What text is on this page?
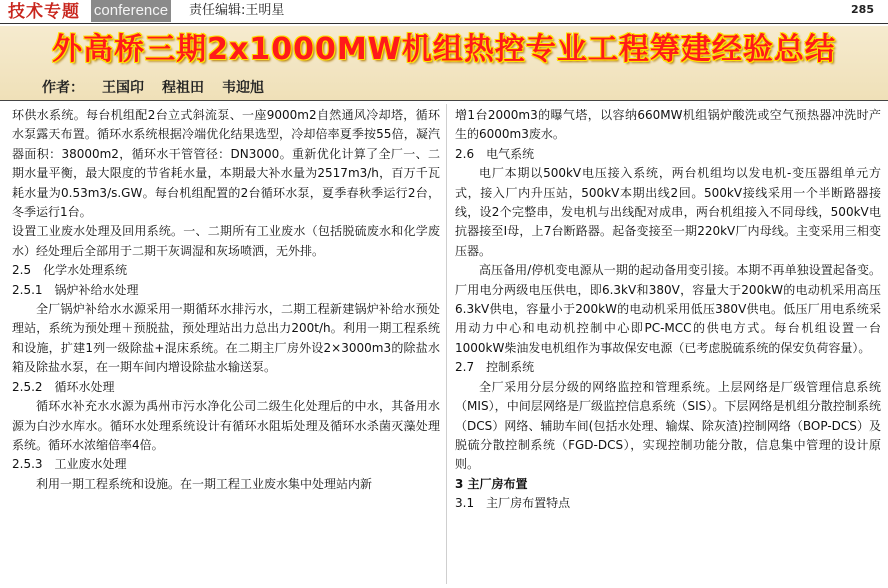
技术专题 conference 责任编辑:王明星	285
外高桥三期2x1000MW机组热控专业工程筹建经验总结
作者： 王国印 程祖田 韦迎旭

环供水系统。每台机组配2台立式斜流泵、一座9000m2自然通风冷却塔，循环水泵露天布置。循环水系统根据冷端优化结果选型，冷却倍率夏季按55倍，凝汽器面积：38000m2，循环水干管管径：DN3000。重新优化计算了全厂一、二期水量平衡，最大限度的节省耗水量，本期最大补水量为2517m3/h，百万千瓦耗水量为0.53m3/s.GW。每台机组配置的2台循环水泵，夏季春秋季运行2台，冬季运行1台。

设置工业废水处理及回用系统。一、二期所有工业废水（包括脱硫废水和化学废水）经处理后全部用于二期干灰调湿和灰场喷洒，无外排。

2.5　化学水处理系统

2.5.1　锅炉补给水处理

全厂锅炉补给水水源采用一期循环水排污水，二期工程新建锅炉补给水预处理站，系统为预处理＋预脱盐，预处理站出力总出力200t/h。利用一期工程系统和设施，扩建1列一级除盐+混床系统。在二期主厂房外设2×3000m3的除盐水箱及除盐水泵，在一期车间内增设除盐水输送泵。

2.5.2　循环水处理

循环水补充水水源为禹州市污水净化公司二级生化处理后的中水，其备用水源为白沙水库水。循环水处理系统设计有循环水阻垢处理及循环水杀菌灭藻处理系统。循环水浓缩倍率4倍。

2.5.3　工业废水处理

利用一期工程系统和设施。在一期工程工业废水集中处理站内新

增1台2000m3的曝气塔，以容纳660MW机组锅炉酸洗或空气预热器冲洗时产生的6000m3废水。

2.6　电气系统

电厂本期以500kV电压接入系统，两台机组均以发电机-变压器组单元方式，接入厂内升压站，500kV本期出线2回。500kV接线采用一个半断路器接线，设2个完整串，发电机与出线配对成串，两台机组接入不同母线，500kV电抗器接至I母，上7台断路器。起备变接至一期220kV厂内母线。主变采用三相变压器。

高压备用/停机变电源从一期的起动备用变引接。本期不再单独设置起备变。厂用电分两级电压供电，即6.3kV和380V，容量大于200kW的电动机采用高压6.3kV供电，容量小于200kW的电动机采用低压380V供电。低压厂用电系统采用动力中心和电动机控制中心即PC-MCC的供电方式。每台机组设置一台1000kW柴油发电机组作为事故保安电源（已考虑脱硫系统的保安负荷容量）。

2.7　控制系统

全厂采用分层分级的网络监控和管理系统。上层网络是厂级管理信息系统（MIS），中间层网络是厂级监控信息系统（SIS）。下层网络是机组分散控制系统（DCS）网络、辅助车间(包括水处理、输煤、除灰渣)控制网络（BOP-DCS）及脱硫分散控制系统（FGD-DCS），实现控制功能分散，信息集中管理的设计原则。

3 主厂房布置

3.1　主厂房布置特点
